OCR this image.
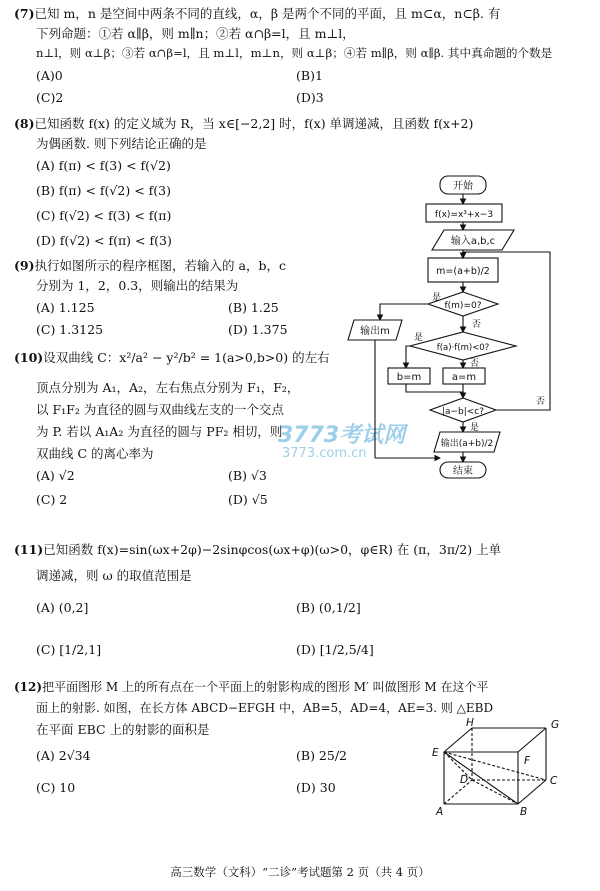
(7)已知 m，n 是空间中两条不同的直线，α，β 是两个不同的平面，且 m⊂α，n⊂β. 有
下列命题：①若 α∥β，则 m∥n；②若 α∩β=l，且 m⊥l，
n⊥l，则 α⊥β；③若 α∩β=l，且 m⊥l，m⊥n，则 α⊥β；④若 m∥β，则 α∥β. 其中真命题的个数是
(A)0	(B)1
(C)2	(D)3
(8)已知函数 f(x) 的定义域为 R，当 x∈[−2,2] 时，f(x) 单调递减，且函数 f(x+2)
为偶函数. 则下列结论正确的是
(A) f(π) < f(3) < f(√2)
(B) f(π) < f(√2) < f(3)
(C) f(√2) < f(3) < f(π)
(D) f(√2) < f(π) < f(3)
(9)执行如图所示的程序框图，若输入的 a，b，c
分别为 1，2，0.3，则输出的结果为
(A) 1.125	(B) 1.25
(C) 1.3125	(D) 1.375
(10)设双曲线 C：x²/a² − y²/b² = 1(a>0,b>0) 的左右
顶点分别为 A₁，A₂，左右焦点分别为 F₁，F₂，
以 F₁F₂ 为直径的圆与双曲线左支的一个交点
为 P. 若以 A₁A₂ 为直径的圆与 PF₂ 相切，则
双曲线 C 的离心率为
(A) √2	(B) √3
(C) 2	(D) √5
3773考试网
3773.com.cn
开始
f(x)=x³+x−3
输入a,b,c
m=(a+b)/2
f(m)=0?
是
否
输出m
f(a)·f(m)<0?
是
否
b=m	a=m
|a−b|<c?
否
是
输出(a+b)/2
结束
(11)已知函数 f(x)=sin(ωx+2φ)−2sinφcos(ωx+φ)(ω>0，φ∈R) 在 (π，3π/2) 上单
调递减，则 ω 的取值范围是
(A) (0,2]	(B) (0,1/2]
(C) [1/2,1]	(D) [1/2,5/4]
(12)把平面图形 M 上的所有点在一个平面上的射影构成的图形 M′ 叫做图形 M 在这个平
面上的射影. 如图，在长方体 ABCD−EFGH 中，AB=5，AD=4，AE=3. 则 △EBD
在平面 EBC 上的射影的面积是
(A) 2√34	(B) 25/2
(C) 10	(D) 30
H	G
E
F
D	C
A	B
高三数学（文科）“二诊”考试题第 2 页（共 4 页）
